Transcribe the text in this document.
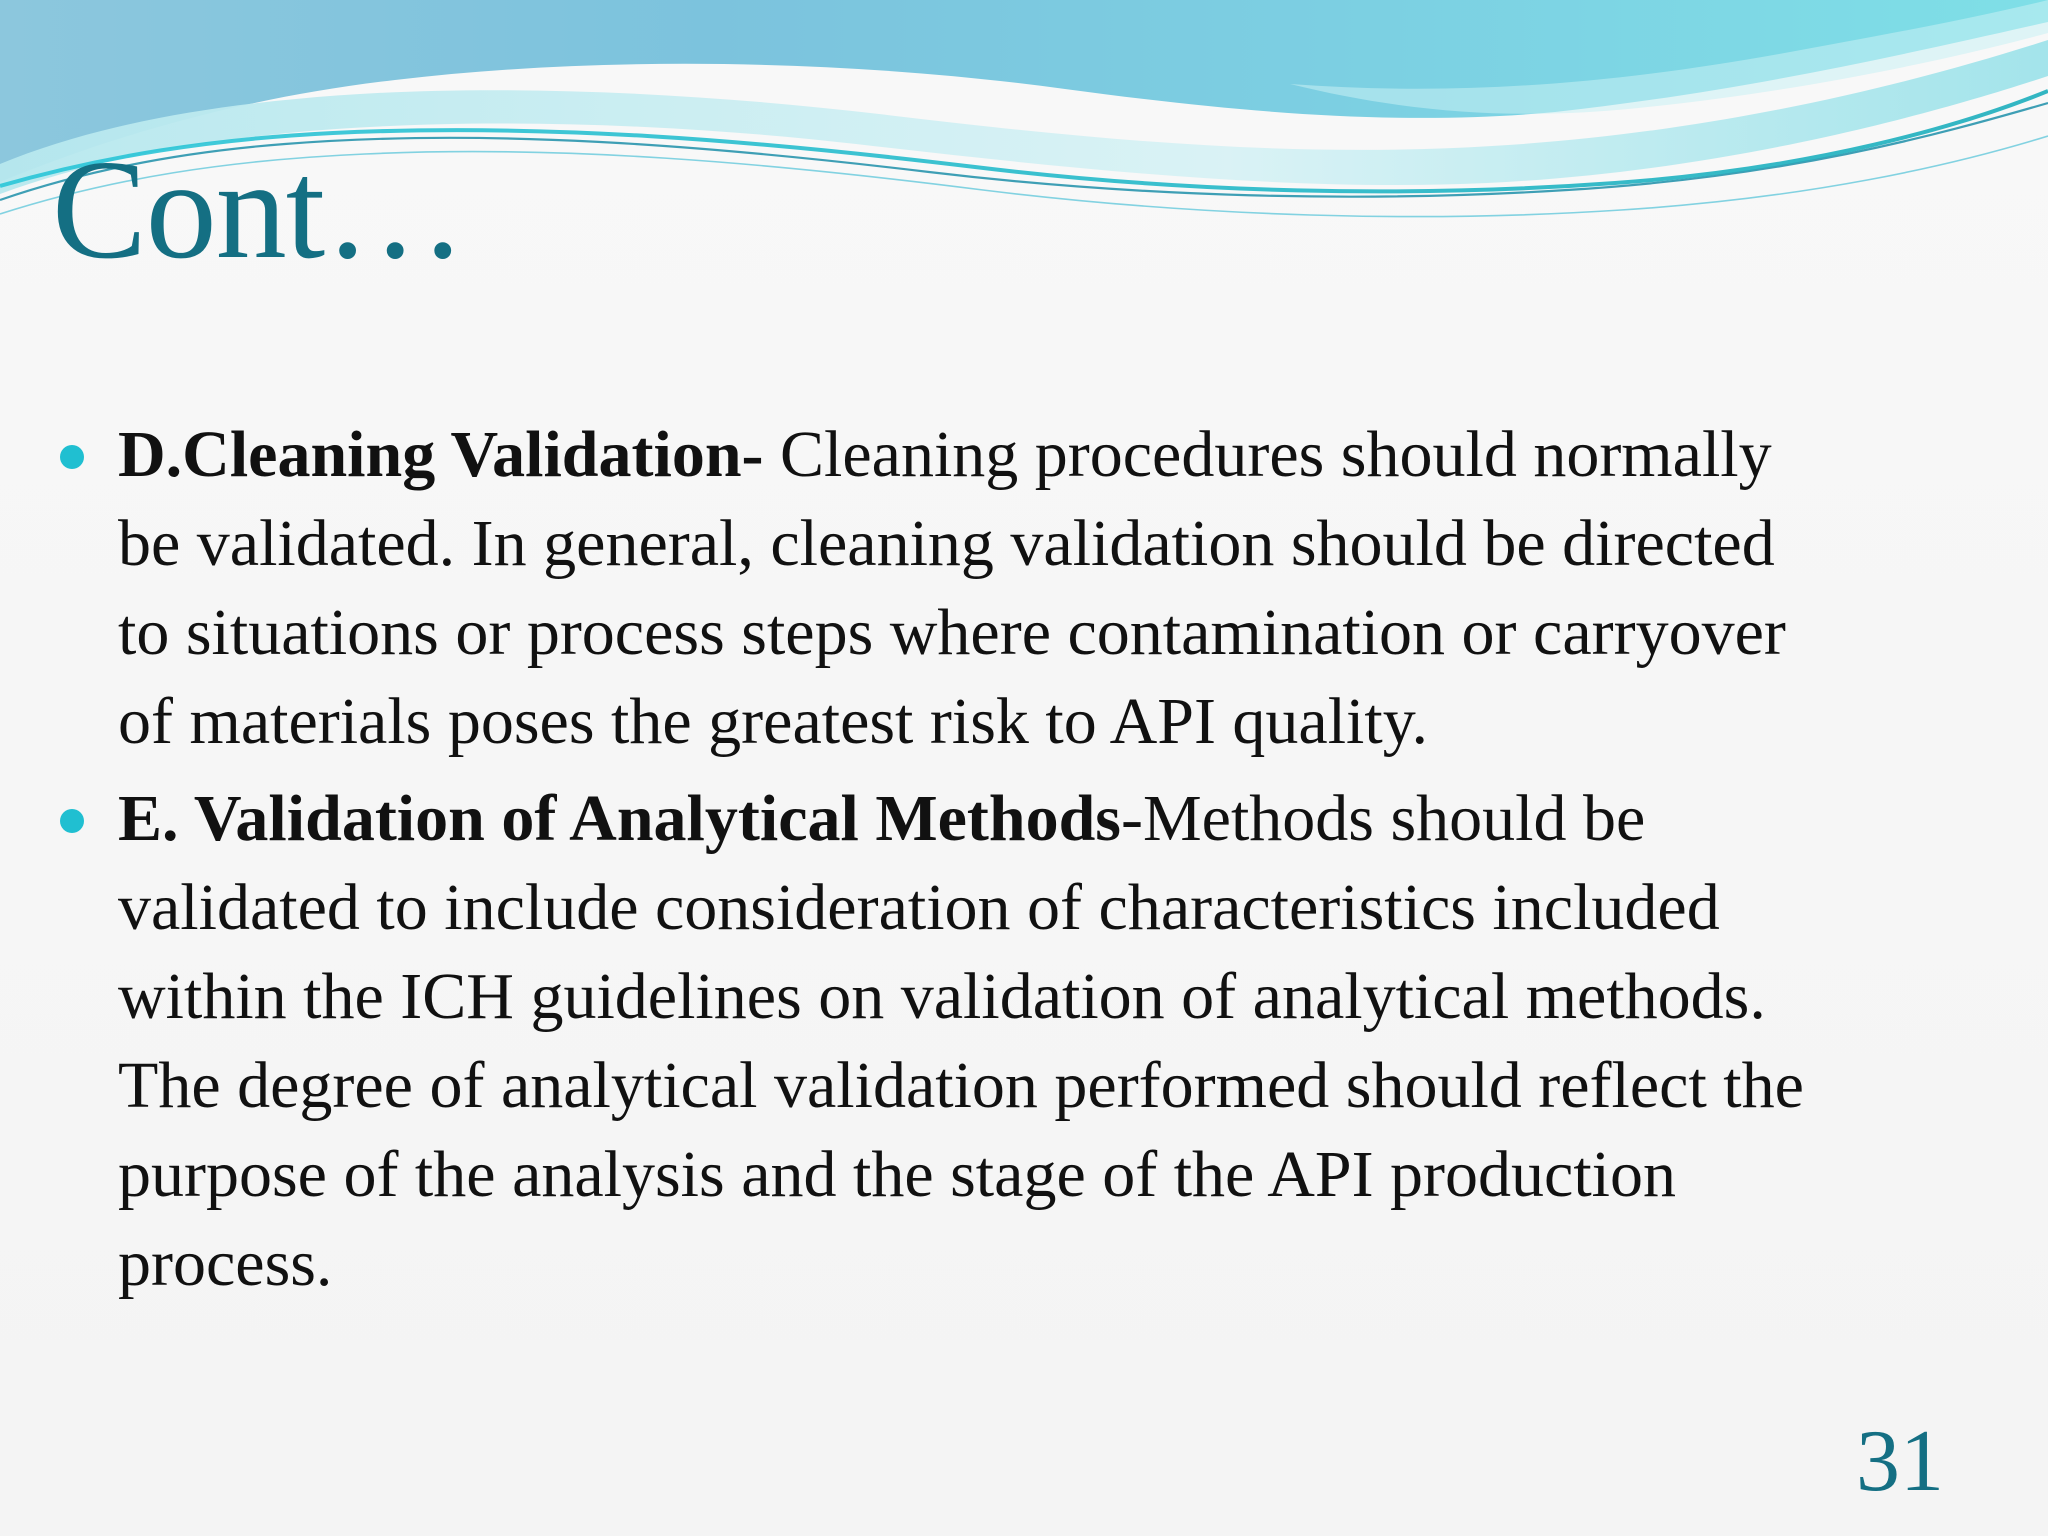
Cont…
D.Cleaning Validation- Cleaning procedures should normally
be validated. In general, cleaning validation should be directed
to situations or process steps where contamination or carryover
of materials poses the greatest risk to API quality.
E. Validation of Analytical Methods-Methods should be
validated to include consideration of characteristics included
within the ICH guidelines on validation of analytical methods.
The degree of analytical validation performed should reflect the
purpose of the analysis and the stage of the API production
process.
31
